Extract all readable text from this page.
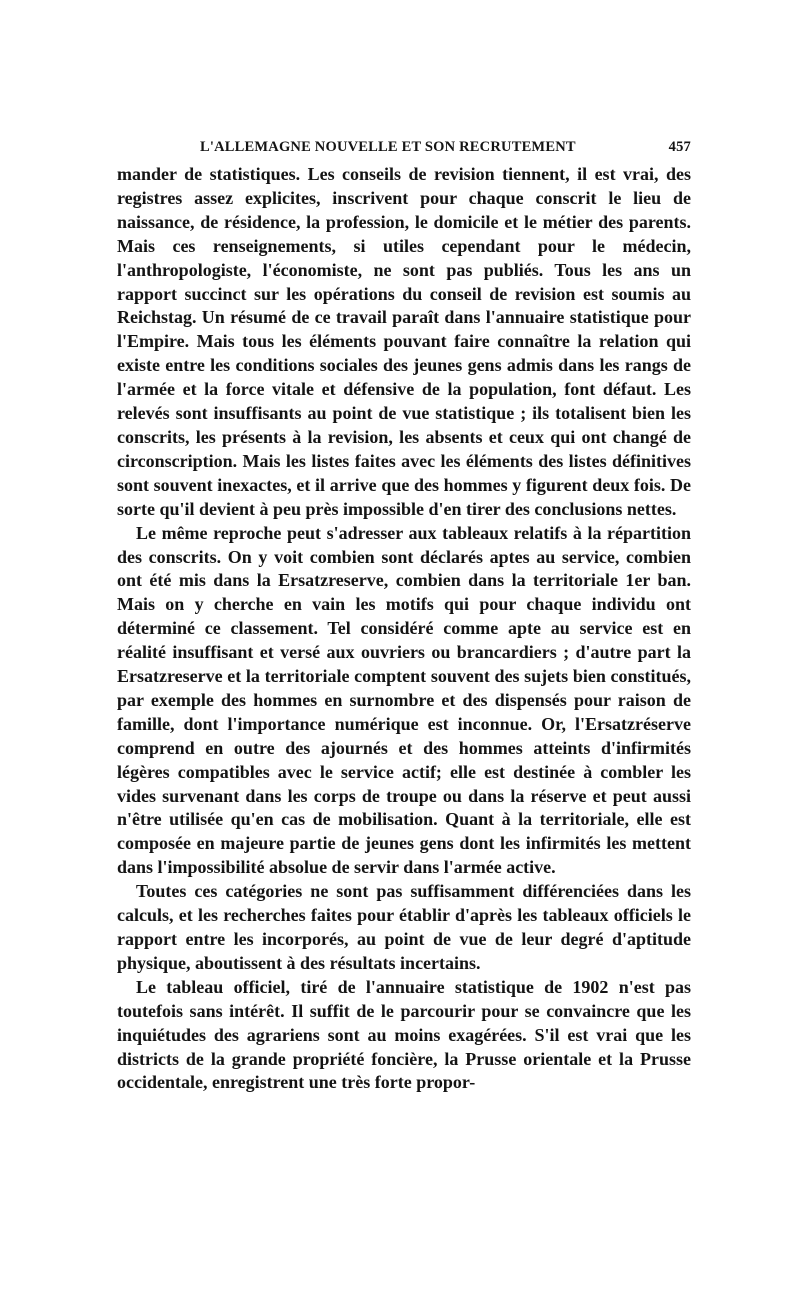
L'ALLEMAGNE NOUVELLE ET SON RECRUTEMENT	457

mander de statistiques. Les conseils de revision tiennent, il est vrai, des registres assez explicites, inscrivent pour chaque conscrit le lieu de naissance, de résidence, la profession, le domicile et le métier des parents. Mais ces renseignements, si utiles cependant pour le médecin, l'anthropologiste, l'économiste, ne sont pas publiés. Tous les ans un rapport succinct sur les opérations du conseil de revision est soumis au Reichstag. Un résumé de ce travail paraît dans l'annuaire statistique pour l'Empire. Mais tous les éléments pouvant faire connaître la relation qui existe entre les conditions sociales des jeunes gens admis dans les rangs de l'armée et la force vitale et défensive de la population, font défaut. Les relevés sont insuffisants au point de vue statistique ; ils totalisent bien les conscrits, les présents à la revision, les absents et ceux qui ont changé de circonscription. Mais les listes faites avec les éléments des listes définitives sont souvent inexactes, et il arrive que des hommes y figurent deux fois. De sorte qu'il devient à peu près impossible d'en tirer des conclusions nettes.

Le même reproche peut s'adresser aux tableaux relatifs à la répartition des conscrits. On y voit combien sont déclarés aptes au service, combien ont été mis dans la Ersatzreserve, combien dans la territoriale 1er ban. Mais on y cherche en vain les motifs qui pour chaque individu ont déterminé ce classement. Tel considéré comme apte au service est en réalité insuffisant et versé aux ouvriers ou brancardiers ; d'autre part la Ersatzreserve et la territoriale comptent souvent des sujets bien constitués, par exemple des hommes en surnombre et des dispensés pour raison de famille, dont l'importance numérique est inconnue. Or, l'Ersatzréserve comprend en outre des ajournés et des hommes atteints d'infirmités légères compatibles avec le service actif; elle est destinée à combler les vides survenant dans les corps de troupe ou dans la réserve et peut aussi n'être utilisée qu'en cas de mobilisation. Quant à la territoriale, elle est composée en majeure partie de jeunes gens dont les infirmités les mettent dans l'impossibilité absolue de servir dans l'armée active.

Toutes ces catégories ne sont pas suffisamment différenciées dans les calculs, et les recherches faites pour établir d'après les tableaux officiels le rapport entre les incorporés, au point de vue de leur degré d'aptitude physique, aboutissent à des résultats incertains.

Le tableau officiel, tiré de l'annuaire statistique de 1902 n'est pas toutefois sans intérêt. Il suffit de le parcourir pour se convaincre que les inquiétudes des agrariens sont au moins exagérées. S'il est vrai que les districts de la grande propriété foncière, la Prusse orientale et la Prusse occidentale, enregistrent une très forte propor-
